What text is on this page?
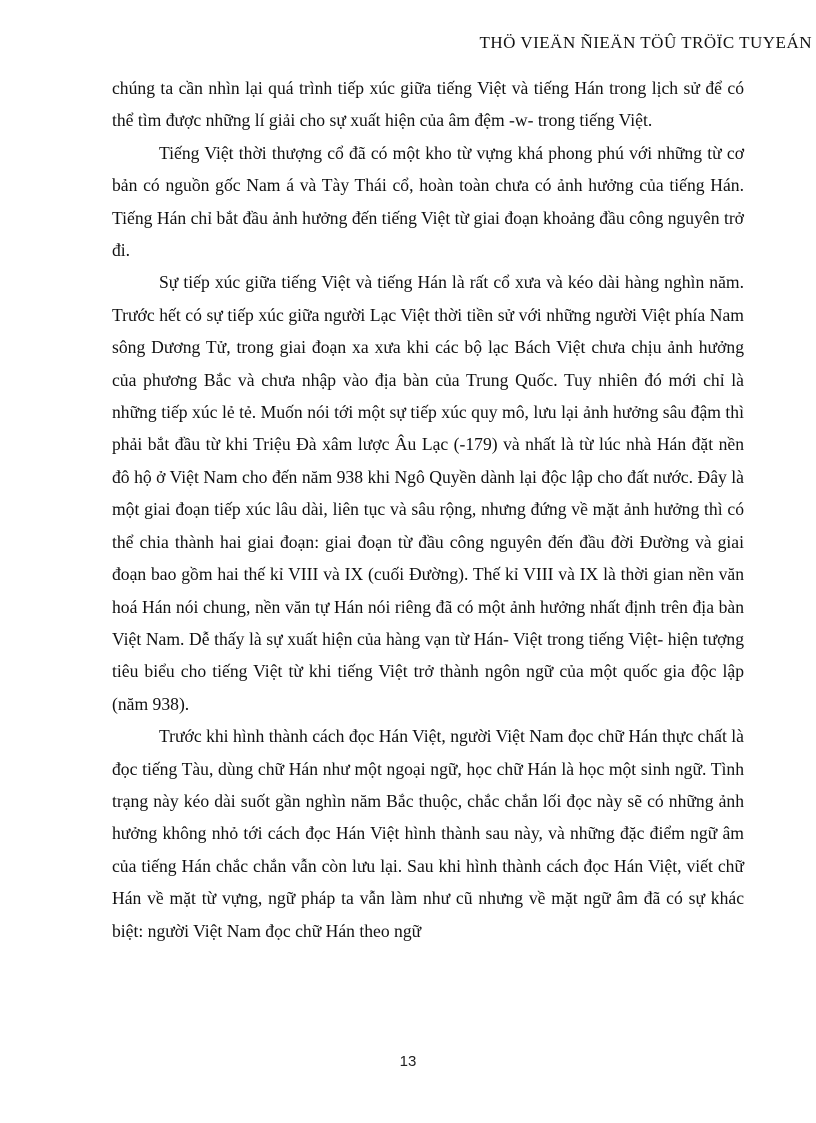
THÖ VIEÄN ÑIEÄN TÖÛ TRÖÏC TUYEÁN

chúng ta cần nhìn lại quá trình tiếp xúc giữa tiếng Việt và tiếng Hán trong lịch sử để có thể tìm được những lí giải cho sự xuất hiện của âm đệm -w- trong tiếng Việt.

Tiếng Việt thời thượng cổ đã có một kho từ vựng khá phong phú với những từ cơ bản có nguồn gốc Nam á và Tày Thái cổ, hoàn toàn chưa có ảnh hưởng của tiếng Hán. Tiếng Hán chỉ bắt đầu ảnh hưởng đến tiếng Việt từ giai đoạn khoảng đầu công nguyên trở đi.

Sự tiếp xúc giữa tiếng Việt và tiếng Hán là rất cổ xưa và kéo dài hàng nghìn năm. Trước hết có sự tiếp xúc giữa người Lạc Việt thời tiền sử với những người Việt phía Nam sông Dương Tử, trong giai đoạn xa xưa khi các bộ lạc Bách Việt chưa chịu ảnh hưởng của phương Bắc và chưa nhập vào địa bàn của Trung Quốc. Tuy nhiên đó mới chỉ là những tiếp xúc lẻ tẻ. Muốn nói tới một sự tiếp xúc quy mô, lưu lại ảnh hưởng sâu đậm thì phải bắt đầu từ khi Triệu Đà xâm lược Âu Lạc (-179) và nhất là từ lúc nhà Hán đặt nền đô hộ ở Việt Nam cho đến năm 938 khi Ngô Quyền dành lại độc lập cho đất nước. Đây là một giai đoạn tiếp xúc lâu dài, liên tục và sâu rộng, nhưng đứng về mặt ảnh hưởng thì có thể chia thành hai giai đoạn: giai đoạn từ đầu công nguyên đến đầu đời Đường và giai đoạn bao gồm hai thế kỉ VIII và IX (cuối Đường). Thế kỉ VIII và IX là thời gian nền văn hoá Hán nói chung, nền văn tự Hán nói riêng đã có một ảnh hưởng nhất định trên địa bàn Việt Nam. Dễ thấy là sự xuất hiện của hàng vạn từ Hán- Việt trong tiếng Việt- hiện tượng tiêu biểu cho tiếng Việt từ khi tiếng Việt trở thành ngôn ngữ của một quốc gia độc lập (năm 938).

Trước khi hình thành cách đọc Hán Việt, người Việt Nam đọc chữ Hán thực chất là đọc tiếng Tàu, dùng chữ Hán như một ngoại ngữ, học chữ Hán là học một sinh ngữ. Tình trạng này kéo dài suốt gần nghìn năm Bắc thuộc, chắc chắn lối đọc này sẽ có những ảnh hưởng không nhỏ tới cách đọc Hán Việt hình thành sau này, và những đặc điểm ngữ âm của tiếng Hán chắc chắn vẫn còn lưu lại. Sau khi hình thành cách đọc Hán Việt, viết chữ Hán về mặt từ vựng, ngữ pháp ta vẫn làm như cũ nhưng về mặt ngữ âm đã có sự khác biệt: người Việt Nam đọc chữ Hán theo ngữ

13
